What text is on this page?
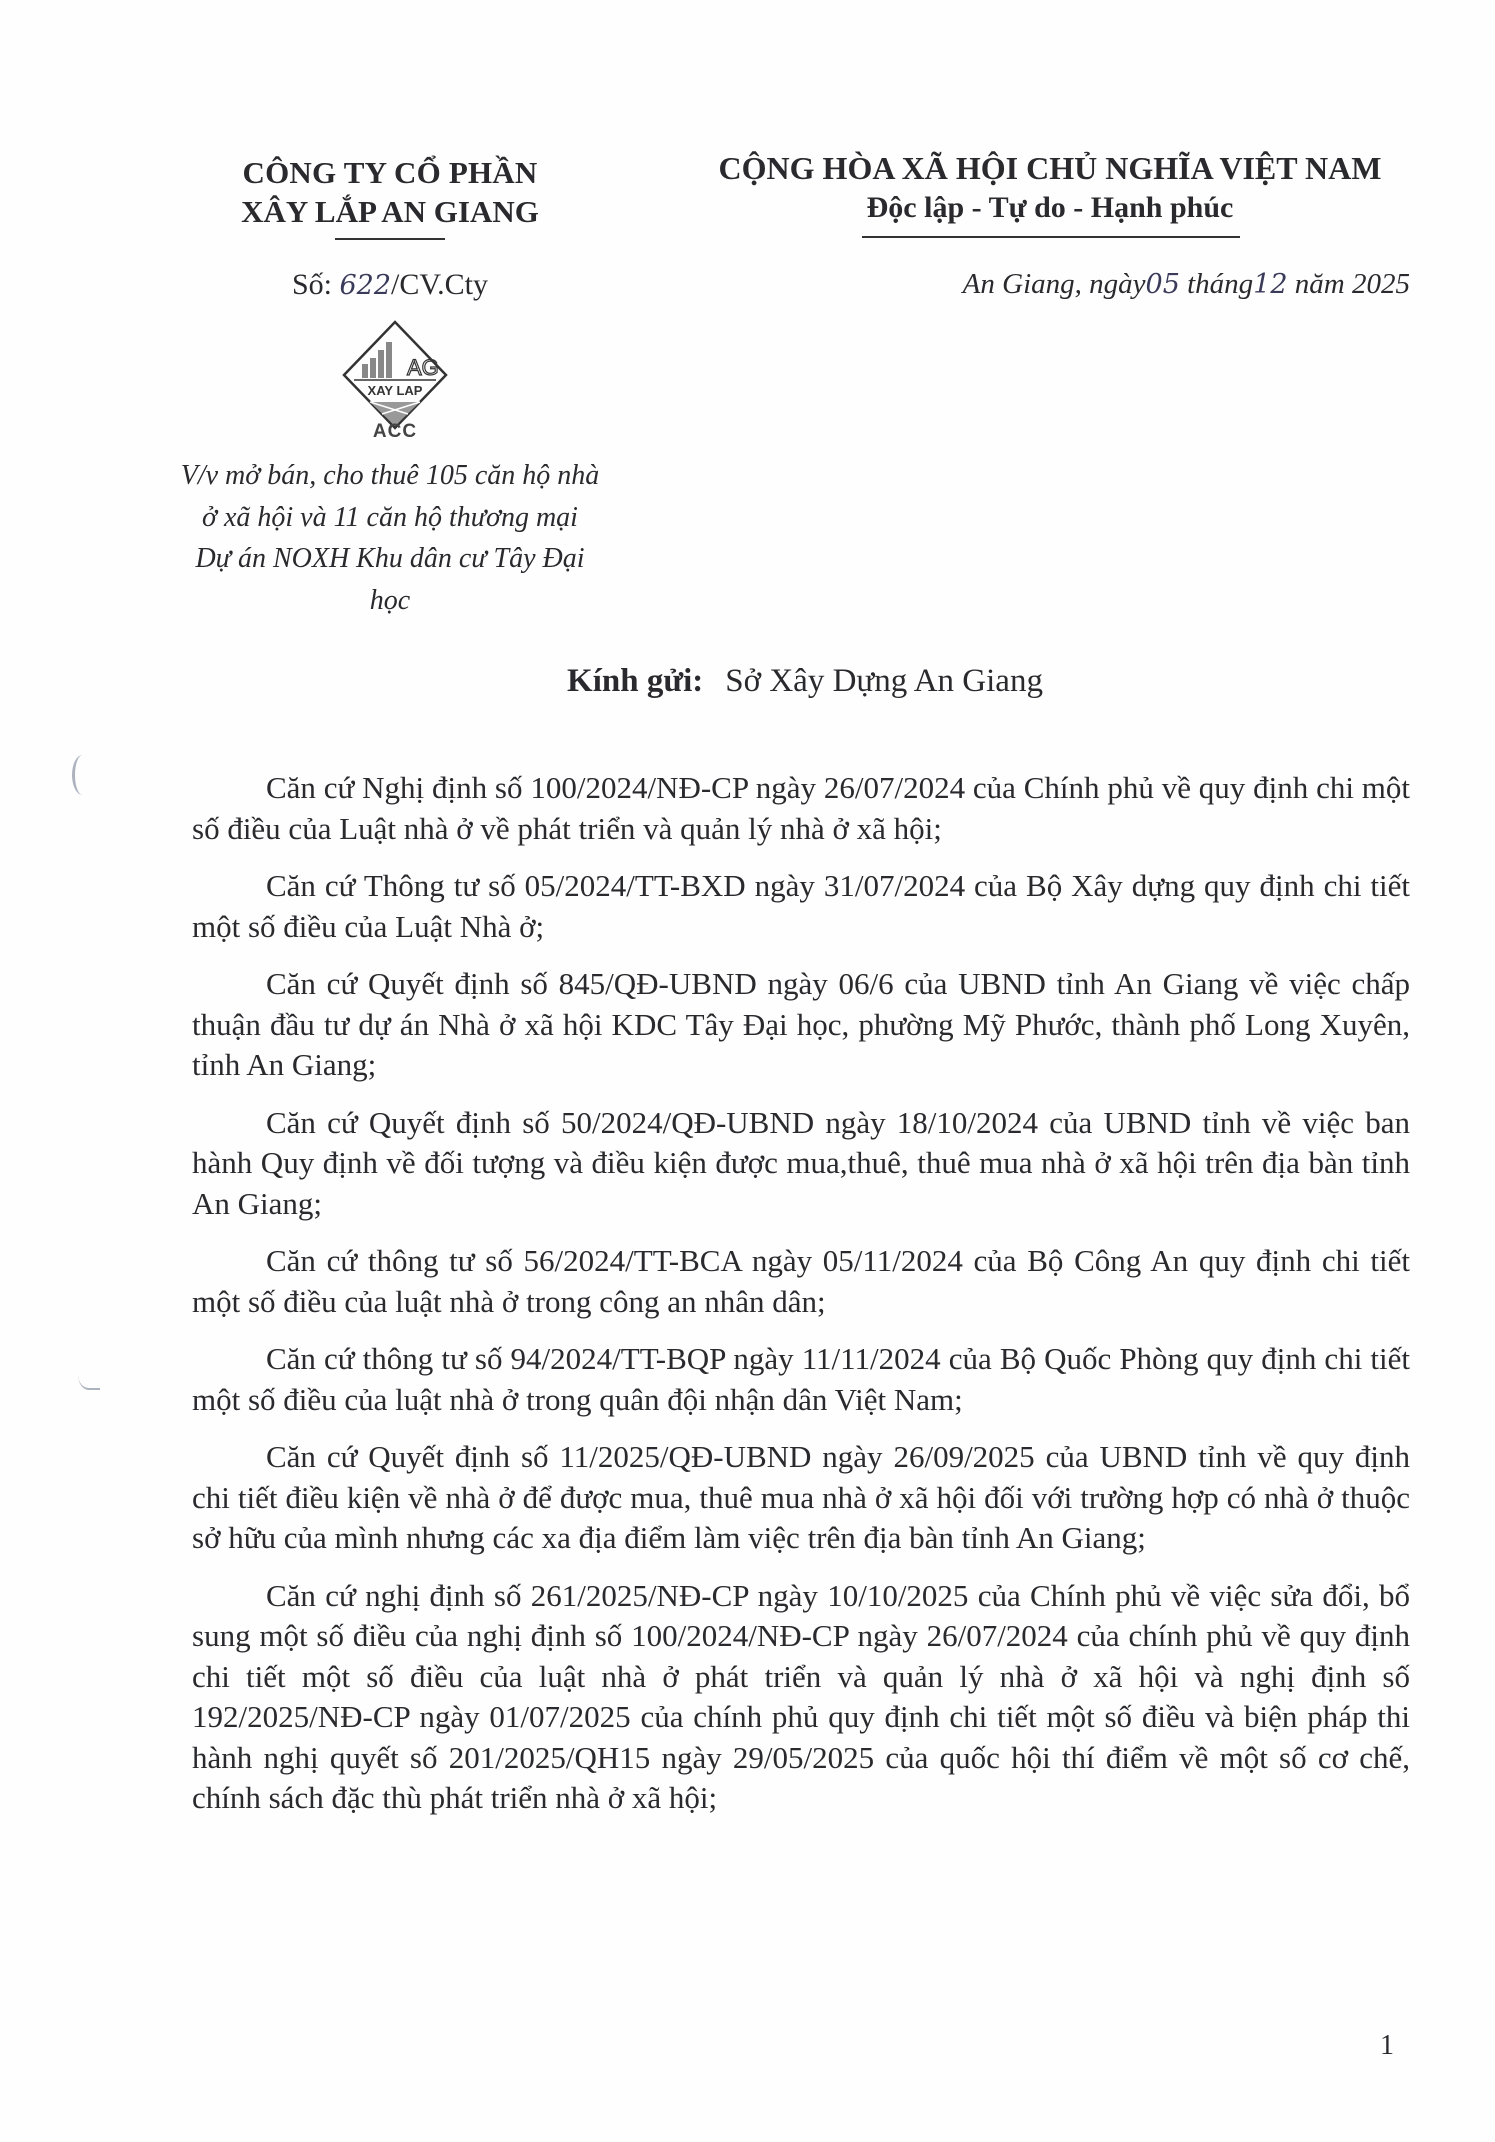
CÔNG TY CỔ PHẦN
XÂY LẮP AN GIANG
Số: 622/CV.Cty
AG
XAY LAP
ACC
V/v mở bán, cho thuê 105 căn hộ nhà
ở xã hội và 11 căn hộ thương mại
Dự án NOXH Khu dân cư Tây Đại
học
CỘNG HÒA XÃ HỘI CHỦ NGHĨA VIỆT NAM
Độc lập - Tự do - Hạnh phúc
An Giang, ngày05 tháng12 năm 2025
Kính gửi: Sở Xây Dựng An Giang

Căn cứ Nghị định số 100/2024/NĐ-CP ngày 26/07/2024 của Chính phủ về quy định chi một số điều của Luật nhà ở về phát triển và quản lý nhà ở xã hội;

Căn cứ Thông tư số 05/2024/TT-BXD ngày 31/07/2024 của Bộ Xây dựng quy định chi tiết một số điều của Luật Nhà ở;

Căn cứ Quyết định số 845/QĐ-UBND ngày 06/6 của UBND tỉnh An Giang về việc chấp thuận đầu tư dự án Nhà ở xã hội KDC Tây Đại học, phường Mỹ Phước, thành phố Long Xuyên, tỉnh An Giang;

Căn cứ Quyết định số 50/2024/QĐ-UBND ngày 18/10/2024 của UBND tỉnh về việc ban hành Quy định về đối tượng và điều kiện được mua,thuê, thuê mua nhà ở xã hội trên địa bàn tỉnh An Giang;

Căn cứ thông tư số 56/2024/TT-BCA ngày 05/11/2024 của Bộ Công An quy định chi tiết một số điều của luật nhà ở trong công an nhân dân;

Căn cứ thông tư số 94/2024/TT-BQP ngày 11/11/2024 của Bộ Quốc Phòng quy định chi tiết một số điều của luật nhà ở trong quân đội nhận dân Việt Nam;

Căn cứ Quyết định số 11/2025/QĐ-UBND ngày 26/09/2025 của UBND tỉnh về quy định chi tiết điều kiện về nhà ở để được mua, thuê mua nhà ở xã hội đối với trường hợp có nhà ở thuộc sở hữu của mình nhưng các xa địa điểm làm việc trên địa bàn tỉnh An Giang;

Căn cứ nghị định số 261/2025/NĐ-CP ngày 10/10/2025 của Chính phủ về việc sửa đổi, bổ sung một số điều của nghị định số 100/2024/NĐ-CP ngày 26/07/2024 của chính phủ về quy định chi tiết một số điều của luật nhà ở phát triển và quản lý nhà ở xã hội và nghị định số 192/2025/NĐ-CP ngày 01/07/2025 của chính phủ quy định chi tiết một số điều và biện pháp thi hành nghị quyết số 201/2025/QH15 ngày 29/05/2025 của quốc hội thí điểm về một số cơ chế, chính sách đặc thù phát triển nhà ở xã hội;

1
